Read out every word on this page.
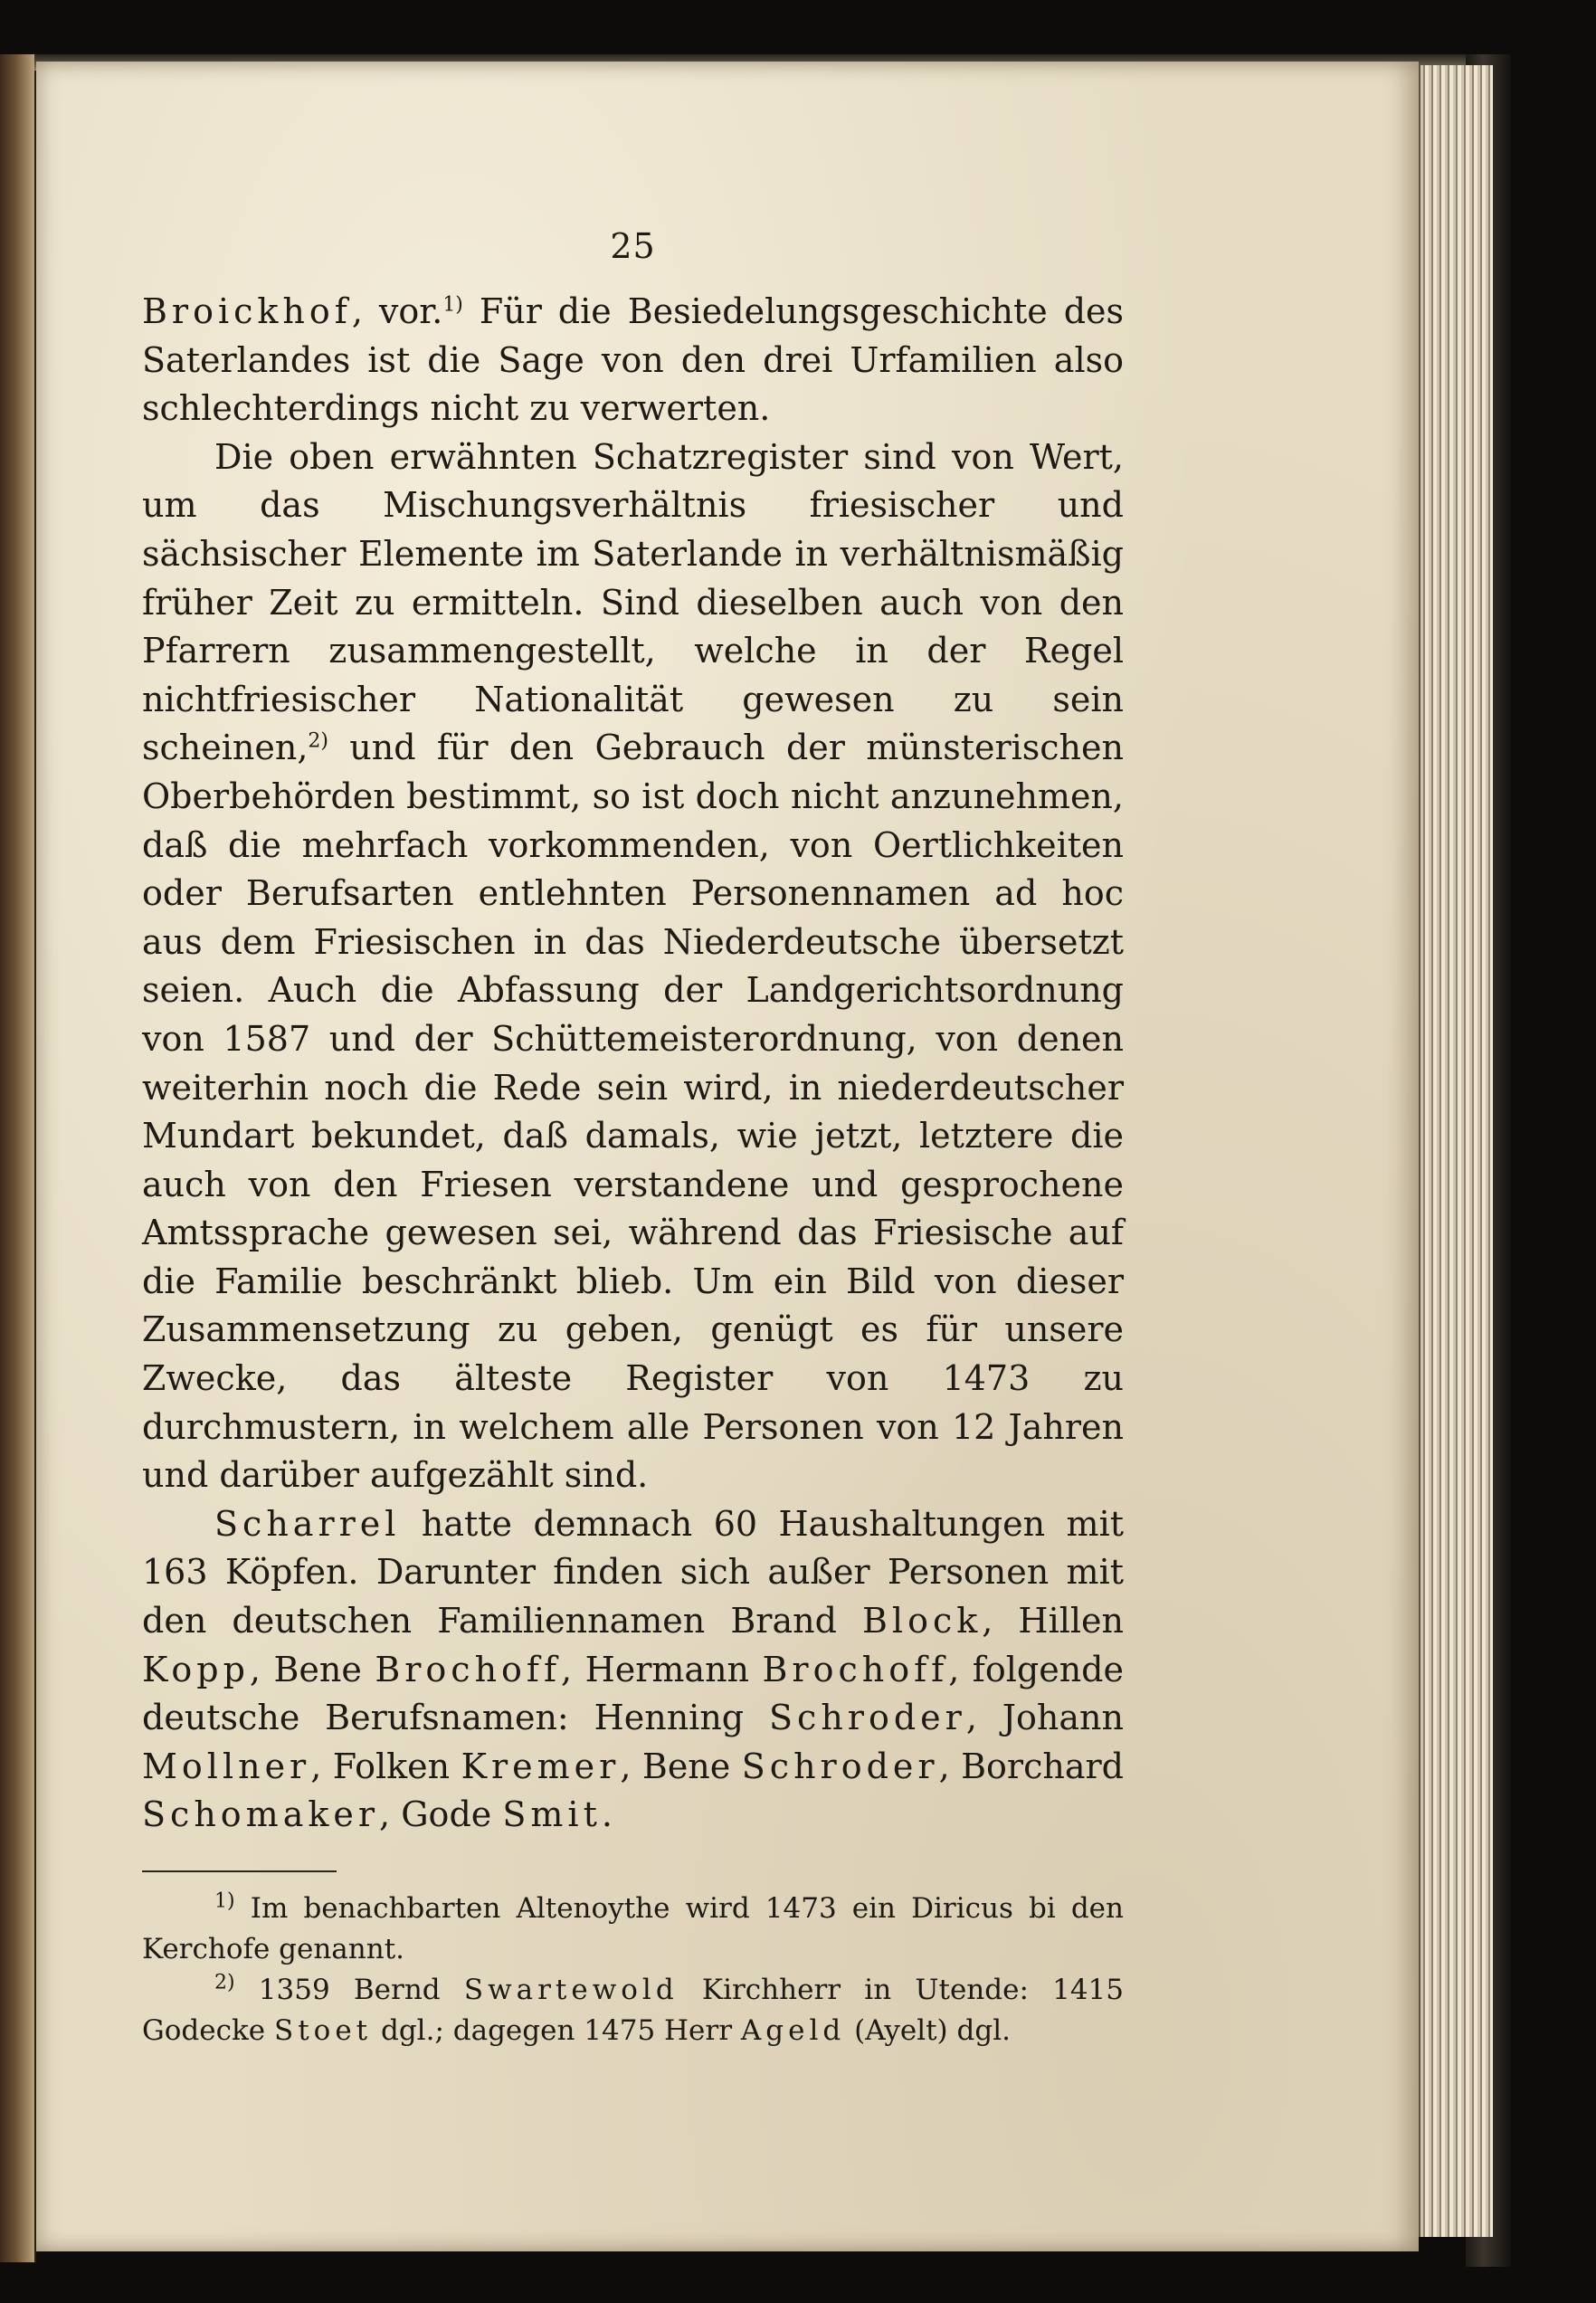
25

Broickhof, vor.$^{1)}$ Für die Besiedelungsgeschichte des Saterlandes ist die Sage von den drei Urfamilien also schlechterdings nicht zu verwerten.

Die oben erwähnten Schatzregister sind von Wert, um das Mischungsverhältnis friesischer und sächsischer Elemente im Saterlande in verhältnismäßig früher Zeit zu ermitteln. Sind dieselben auch von den Pfarrern zusammengestellt, welche in der Regel nichtfriesischer Nationalität gewesen zu sein scheinen,$^{2)}$ und für den Gebrauch der münsterischen Oberbehörden bestimmt, so ist doch nicht anzunehmen, daß die mehrfach vorkommenden, von Oertlichkeiten oder Berufsarten entlehnten Personennamen ad hoc aus dem Friesischen in das Niederdeutsche übersetzt seien. Auch die Abfassung der Landgerichtsordnung von 1587 und der Schüttemeisterordnung, von denen weiterhin noch die Rede sein wird, in niederdeutscher Mundart bekundet, daß damals, wie jetzt, letztere die auch von den Friesen verstandene und gesprochene Amtssprache gewesen sei, während das Friesische auf die Familie beschränkt blieb. Um ein Bild von dieser Zusammensetzung zu geben, genügt es für unsere Zwecke, das älteste Register von 1473 zu durchmustern, in welchem alle Personen von 12 Jahren und darüber aufgezählt sind.

Scharrel hatte demnach 60 Haushaltungen mit 163 Köpfen. Darunter finden sich außer Personen mit den deutschen Familiennamen Brand Block, Hillen Kopp, Bene Brochoff, Hermann Brochoff, folgende deutsche Berufsnamen: Henning Schroder, Johann Mollner, Folken Kremer, Bene Schroder, Borchard Schomaker, Gode Smit.

$^{1)}$ Im benachbarten Altenoythe wird 1473 ein Diricus bi den Kerchofe genannt.

$^{2)}$ 1359 Bernd Swartewold Kirchherr in Utende: 1415 Godecke Stoet dgl.; dagegen 1475 Herr Ageld (Ayelt) dgl.
